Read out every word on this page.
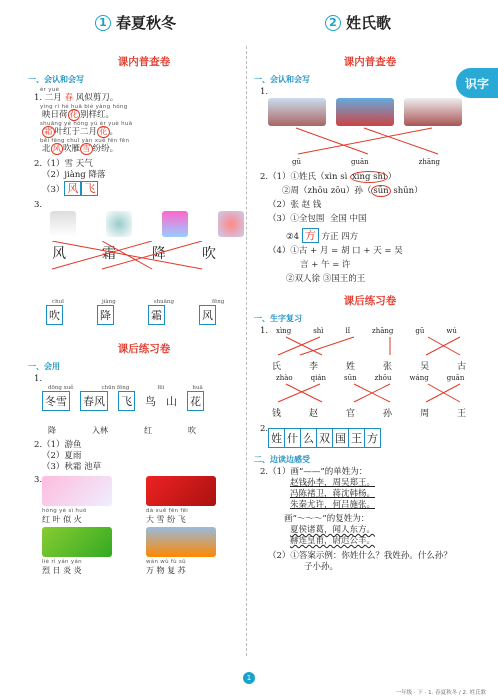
1 春夏秋冬
课内普查卷
一、会认和会写
èr yuè
1. 二月 春 风似剪刀。
yìng rì hé huā bié yàng hóng
映日荷 花 别样红。
shuāng yè hóng yú èr yuè huā
霜 叶红于二月 花 。
běi fēng chuī yàn xuě fēn fēn
北 风 吹雁 雪 纷纷。
2.（1）雪 天气
（2）jiàng 降落
（3） 风 飞
3.
风	霜	降	吹
chuī	jiàng	shuāng	fēng
吹	降	霜	风
课后练习卷
一、会用
1.
dōng xuě	chūn fēng	fēi	huā
冬雪 春风 飞 鸟 山 花
降	入林	红	吹
2.（1）游鱼
（2）夏雨
（3）秋霜 池草
3.
hóng yè sì huǒ
红 叶 似 火
dà xuě fēn fēi
大 雪 纷 飞
liè rì yán yán
烈 日 炎 炎
wàn wù fù sū
万 物 复 苏
2 姓氏歌
识字
课内普查卷
一、会认和会写
1.
gū	guān	zhāng
2.（1）①姓氏（xìn sì xìng shì ）
②周（zhōu zōu）孙（ sūn shūn）
（2）张 赵 钱
（3）①全包围 全国 中国
②4 方 方正 四方
（4）①古 + 月 = 胡 口 + 天 = 吴
言 + 午 = 许
②双人徐 ③国王的王
课后练习卷
一、生字复习
1.	xìng	shì	lǐ	zhāng	gū	wú
氏	李	姓	张	吴	古
zhào	qián	sūn	zhōu	wáng	guān
钱	赵	官	孙	周	王
2.
姓 什 么 双 国 王 方
二、边读边感受
2.（1）画“——”的单姓为：
赵钱孙李，周吴郑王。
冯陈褚卫，蒋沈韩杨。
朱秦尤许，何吕施张。
画“～～～”的复姓为：
夏侯诸葛，闻人东方。
赫连皇甫，尉迟公羊。
（2）①答案示例：你姓什么？我姓孙。什么孙？
子小孙。
1
一年级 · 下 · 1. 春夏秋冬 / 2. 姓氏歌
